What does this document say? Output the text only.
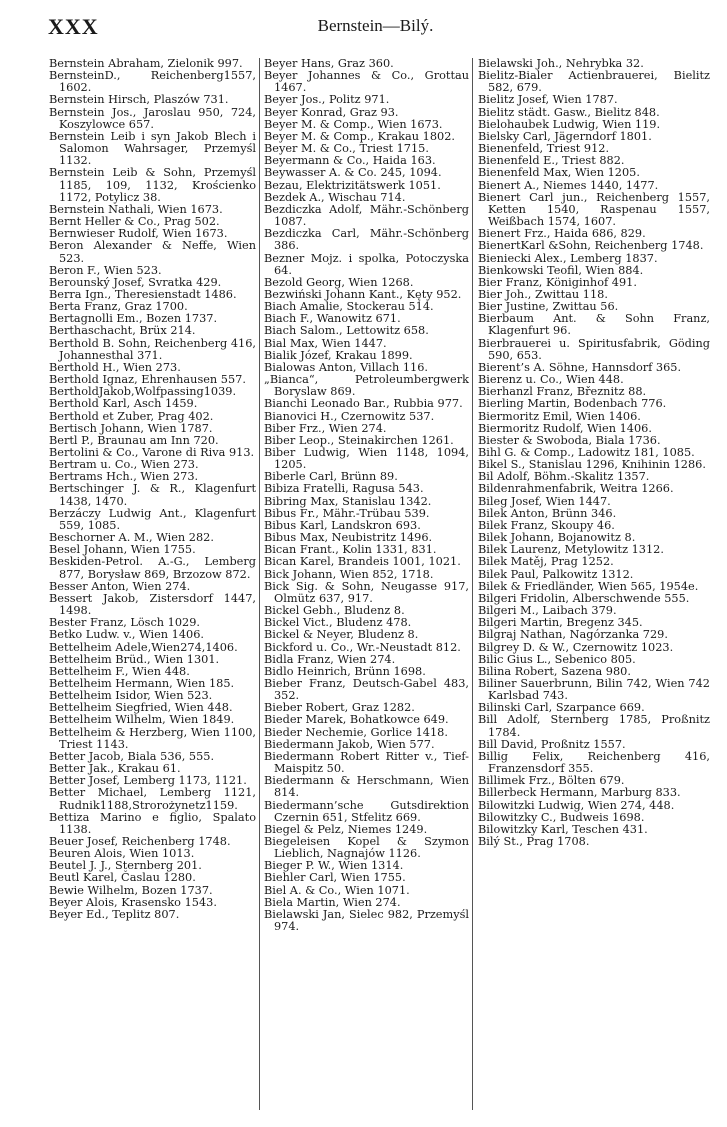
XXX	Bernstein—Bilý.
Bernstein Abraham, Zielonik 997.
BernsteinD., Reichenberg1557, 1602.
Bernstein Hirsch, Plaszów 731.
Bernstein Jos., Jaroslau 950, 724, Koszylowce 657.
Bernstein Leib i syn Jakob Blech i Salomon Wahrsager, Przemyśl 1132.
Bernstein Leib & Sohn, Przemyśl 1185, 109, 1132, Krościenko 1172, Potylicz 38.
Bernstein Nathali, Wien 1673.
Bernt Heller & Co., Prag 502.
Bernwieser Rudolf, Wien 1673.
Beron Alexander & Neffe, Wien 523.
Beron F., Wien 523.
Berounský Josef, Svratka 429.
Berra Ign., Theresienstadt 1486.
Berta Franz, Graz 1700.
Bertagnolli Em., Bozen 1737.
Berthaschacht, Brüx 214.
Berthold B. Sohn, Reichenberg 416, Johannesthal 371.
Berthold H., Wien 273.
Berthold Ignaz, Ehrenhausen 557.
BertholdJakob,Wolfpassing1039.
Berthold Karl, Asch 1459.
Berthold et Zuber, Prag 402.
Bertisch Johann, Wien 1787.
Bertl P., Braunau am Inn 720.
Bertolini & Co., Varone di Riva 913.
Bertram u. Co., Wien 273.
Bertrams Hch., Wien 273.
Bertschinger J. & R., Klagenfurt 1438, 1470.
Berzáczy Ludwig Ant., Klagenfurt 559, 1085.
Beschorner A. M., Wien 282.
Besel Johann, Wien 1755.
Beskiden-Petrol. A.-G., Lemberg 877, Borysław 869, Brzozow 872.
Besser Anton, Wien 274.
Bessert Jakob, Zistersdorf 1447, 1498.
Bester Franz, Lösch 1029.
Betko Ludw. v., Wien 1406.
Bettelheim Adele,Wien274,1406.
Bettelheim Brüd., Wien 1301.
Bettelheim F., Wien 448.
Bettelheim Hermann, Wien 185.
Bettelheim Isidor, Wien 523.
Bettelheim Siegfried, Wien 448.
Bettelheim Wilhelm, Wien 1849.
Bettelheim & Herzberg, Wien 1100, Triest 1143.
Better Jacob, Biala 536, 555.
Better Jak., Krakau 61.
Better Josef, Lemberg 1173, 1121.
Better Michael, Lemberg 1121, Rudnik1188,Strorożynetz1159.
Bettiza Marino e figlio, Spalato 1138.
Beuer Josef, Reichenberg 1748.
Beuren Alois, Wien 1013.
Beutel J. J., Sternberg 201.
Beutl Karel, Časlau 1280.
Bewie Wilhelm, Bozen 1737.
Beyer Alois, Krasensko 1543.
Beyer Ed., Teplitz 807.
Beyer Hans, Graz 360.
Beyer Johannes & Co., Grottau 1467.
Beyer Jos., Politz 971.
Beyer Konrad, Graz 93.
Beyer M. & Comp., Wien 1673.
Beyer M. & Comp., Krakau 1802.
Beyer M. & Co., Triest 1715.
Beyermann & Co., Haida 163.
Beywasser A. & Co. 245, 1094.
Bezau, Elektrizitätswerk 1051.
Bezdek A., Wischau 714.
Bezdiczka Adolf, Mähr.-Schönberg 1087.
Bezdiczka Carl, Mähr.-Schönberg 386.
Bezner Mojz. i spolka, Potoczyska 64.
Bezold Georg, Wien 1268.
Bezwiński Johann Kant., Kęty 952.
Biach Amalie, Stockerau 514.
Biach F., Wanowitz 671.
Biach Salom., Lettowitz 658.
Bial Max, Wien 1447.
Bialik Józef, Krakau 1899.
Bialowas Anton, Villach 116.
„Bianca“, Petroleumbergwerk Boryslaw 869.
Bianchi Leonado Bar., Rubbia 977.
Bianovici H., Czernowitz 537.
Biber Frz., Wien 274.
Biber Leop., Steinakirchen 1261.
Biber Ludwig, Wien 1148, 1094, 1205.
Biberle Carl, Brünn 89.
Bibiza Fratelli, Ragusa 543.
Bibring Max, Stanislau 1342.
Bibus Fr., Mähr.-Trübau 539.
Bibus Karl, Landskron 693.
Bibus Max, Neubistritz 1496.
Bican Frant., Kolin 1331, 831.
Bican Karel, Brandeis 1001, 1021.
Bick Johann, Wien 852, 1718.
Bick Sig. & Sohn, Neugasse 917, Olmütz 637, 917.
Bickel Gebh., Bludenz 8.
Bickel Vict., Bludenz 478.
Bickel & Neyer, Bludenz 8.
Bickford u. Co., Wr.-Neustadt 812.
Bidla Franz, Wien 274.
Bidlo Heinrich, Brünn 1698.
Bieber Franz, Deutsch-Gabel 483, 352.
Bieber Robert, Graz 1282.
Bieder Marek, Bohatkowce 649.
Bieder Nechemie, Gorlice 1418.
Biedermann Jakob, Wien 577.
Biedermann Robert Ritter v., Tief-Maispitz 50.
Biedermann & Herschmann, Wien 814.
Biedermann’sche Gutsdirektion Czernin 651, Stfelitz 669.
Biegel & Pelz, Niemes 1249.
Biegeleisen Kopel & Szymon Lieblich, Nagnajów 1126.
Bieger P. W., Wien 1314.
Biehler Carl, Wien 1755.
Biel A. & Co., Wien 1071.
Biela Martin, Wien 274.
Bielawski Jan, Sielec 982, Przemyśl 974.
Bielawski Joh., Nehrybka 32.
Bielitz-Bialer Actienbrauerei, Bielitz 582, 679.
Bielitz Josef, Wien 1787.
Bielitz städt. Gasw., Bielitz 848.
Bielohaubek Ludwig, Wien 119.
Bielsky Carl, Jägerndorf 1801.
Bienenfeld, Triest 912.
Bienenfeld E., Triest 882.
Bienenfeld Max, Wien 1205.
Bienert A., Niemes 1440, 1477.
Bienert Carl jun., Reichenberg 1557, Ketten 1540, Raspenau 1557, Weißbach 1574, 1607.
Bienert Frz., Haida 686, 829.
BienertKarl &Sohn, Reichenberg 1748.
Bieniecki Alex., Lemberg 1837.
Bienkowski Teofil, Wien 884.
Bier Franz, Königinhof 491.
Bier Joh., Zwittau 118.
Bier Justine, Zwittau 56.
Bierbaum Ant. & Sohn Franz, Klagenfurt 96.
Bierbrauerei u. Spiritusfabrik, Göding 590, 653.
Bierent’s A. Söhne, Hannsdorf 365.
Bierenz u. Co., Wien 448.
Bierhanzl Franz, Březnitz 88.
Bierling Martin, Bodenbach 776.
Biermoritz Emil, Wien 1406.
Biermoritz Rudolf, Wien 1406.
Biester & Swoboda, Biala 1736.
Bihl G. & Comp., Ladowitz 181, 1085.
Bikel S., Stanislau 1296, Knihinin 1286.
Bil Adolf, Böhm.-Skalitz 1357.
Bildenrahmenfabrik, Weitra 1266.
Bileg Josef, Wien 1447.
Bilek Anton, Brünn 346.
Bilek Franz, Skoupy 46.
Bilek Johann, Bojanowitz 8.
Bilek Laurenz, Metylowitz 1312.
Bilek Matěj, Prag 1252.
Bilek Paul, Palkowitz 1312.
Bilek & Friedländer, Wien 565, 1954e.
Bilgeri Fridolin, Alberschwende 555.
Bilgeri M., Laibach 379.
Bilgeri Martin, Bregenz 345.
Bilgraj Nathan, Nagórzanka 729.
Bilgrey D. & W., Czernowitz 1023.
Bilic Gius L., Sebenico 805.
Bilina Robert, Sazena 980.
Biliner Sauerbrunn, Bilin 742, Wien 742 Karlsbad 743.
Bilinski Carl, Szarpance 669.
Bill Adolf, Sternberg 1785, Proßnitz 1784.
Bill David, Proßnitz 1557.
Billig Felix, Reichenberg 416, Franzensdorf 355.
Billimek Frz., Bölten 679.
Billerbeck Hermann, Marburg 833.
Bilowitzki Ludwig, Wien 274, 448.
Bilowitzky C., Budweis 1698.
Bilowitzky Karl, Teschen 431.
Bilý St., Prag 1708.
